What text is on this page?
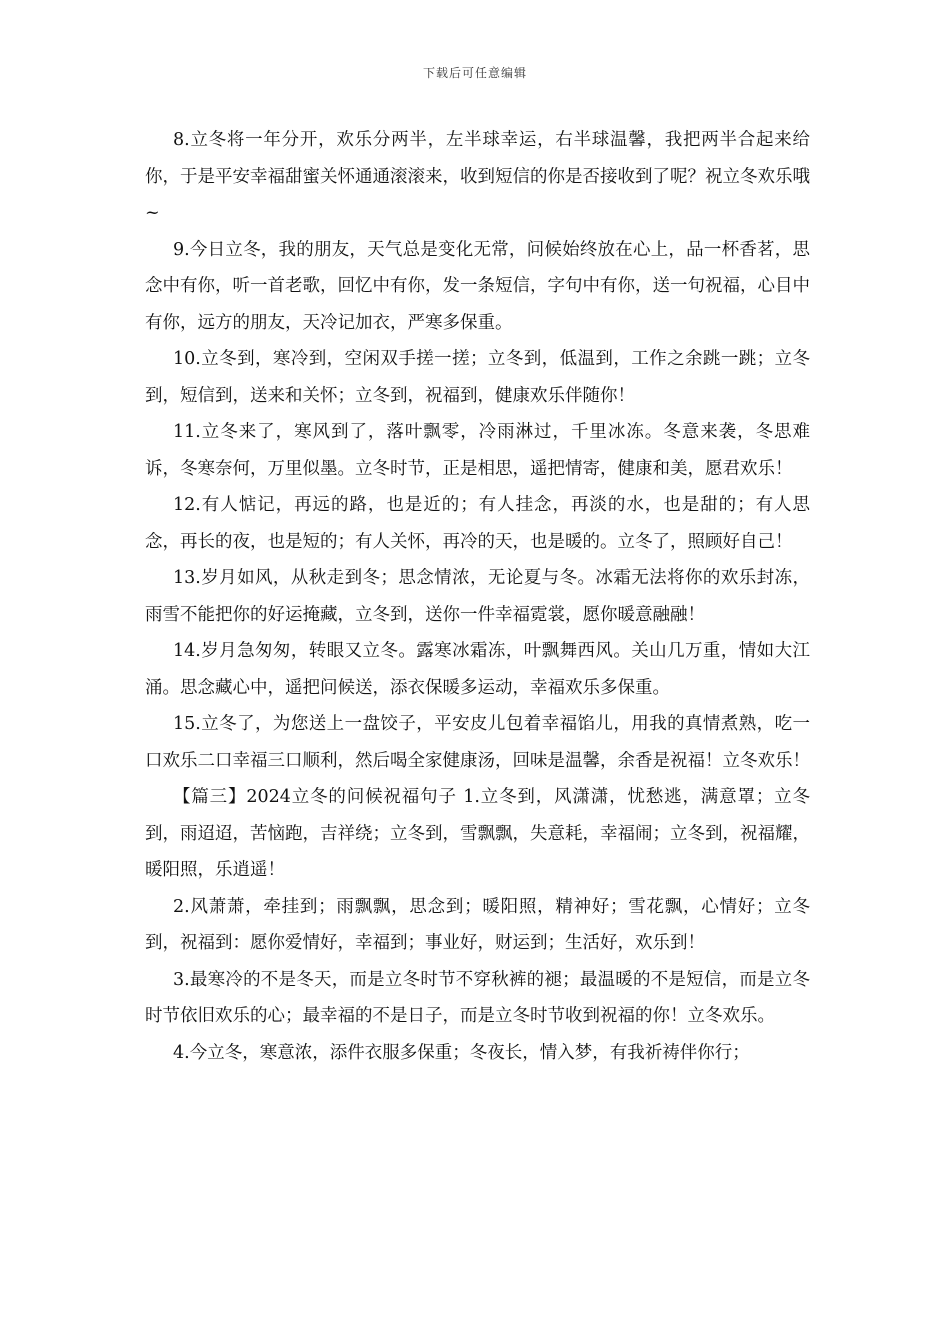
下载后可任意编辑

8.立冬将一年分开，欢乐分两半，左半球幸运，右半球温馨，我把两半合起来给你，于是平安幸福甜蜜关怀通通滚滚来，收到短信的你是否接收到了呢？祝立冬欢乐哦~

9.今日立冬，我的朋友，天气总是变化无常，问候始终放在心上，品一杯香茗，思念中有你，听一首老歌，回忆中有你，发一条短信，字句中有你，送一句祝福，心目中有你，远方的朋友，天冷记加衣，严寒多保重。

10.立冬到，寒冷到，空闲双手搓一搓；立冬到，低温到，工作之余跳一跳；立冬到，短信到，送来和关怀；立冬到，祝福到，健康欢乐伴随你！

11.立冬来了，寒风到了，落叶飘零，冷雨淋过，千里冰冻。冬意来袭，冬思难诉，冬寒奈何，万里似墨。立冬时节，正是相思，遥把情寄，健康和美，愿君欢乐！

12.有人惦记，再远的路，也是近的；有人挂念，再淡的水，也是甜的；有人思念，再长的夜，也是短的；有人关怀，再冷的天，也是暖的。立冬了，照顾好自己！

13.岁月如风，从秋走到冬；思念情浓，无论夏与冬。冰霜无法将你的欢乐封冻，雨雪不能把你的好运掩藏，立冬到，送你一件幸福霓裳，愿你暖意融融！

14.岁月急匆匆，转眼又立冬。露寒冰霜冻，叶飘舞西风。关山几万重，情如大江涌。思念藏心中，遥把问候送，添衣保暖多运动，幸福欢乐多保重。

15.立冬了，为您送上一盘饺子，平安皮儿包着幸福馅儿，用我的真情煮熟，吃一口欢乐二口幸福三口顺利，然后喝全家健康汤，回味是温馨，余香是祝福！立冬欢乐！

【篇三】2024立冬的问候祝福句子 1.立冬到，风潇潇，忧愁逃，满意罩；立冬到，雨迢迢，苦恼跑，吉祥绕；立冬到，雪飘飘，失意耗，幸福闹；立冬到，祝福耀，暖阳照，乐逍遥！

2.风萧萧，牵挂到；雨飘飘，思念到；暖阳照，精神好；雪花飘，心情好；立冬到，祝福到：愿你爱情好，幸福到；事业好，财运到；生活好，欢乐到！

3.最寒冷的不是冬天，而是立冬时节不穿秋裤的褪；最温暖的不是短信，而是立冬时节依旧欢乐的心；最幸福的不是日子，而是立冬时节收到祝福的你！立冬欢乐。

4.今立冬，寒意浓，添件衣服多保重；冬夜长，情入梦，有我祈祷伴你行；
